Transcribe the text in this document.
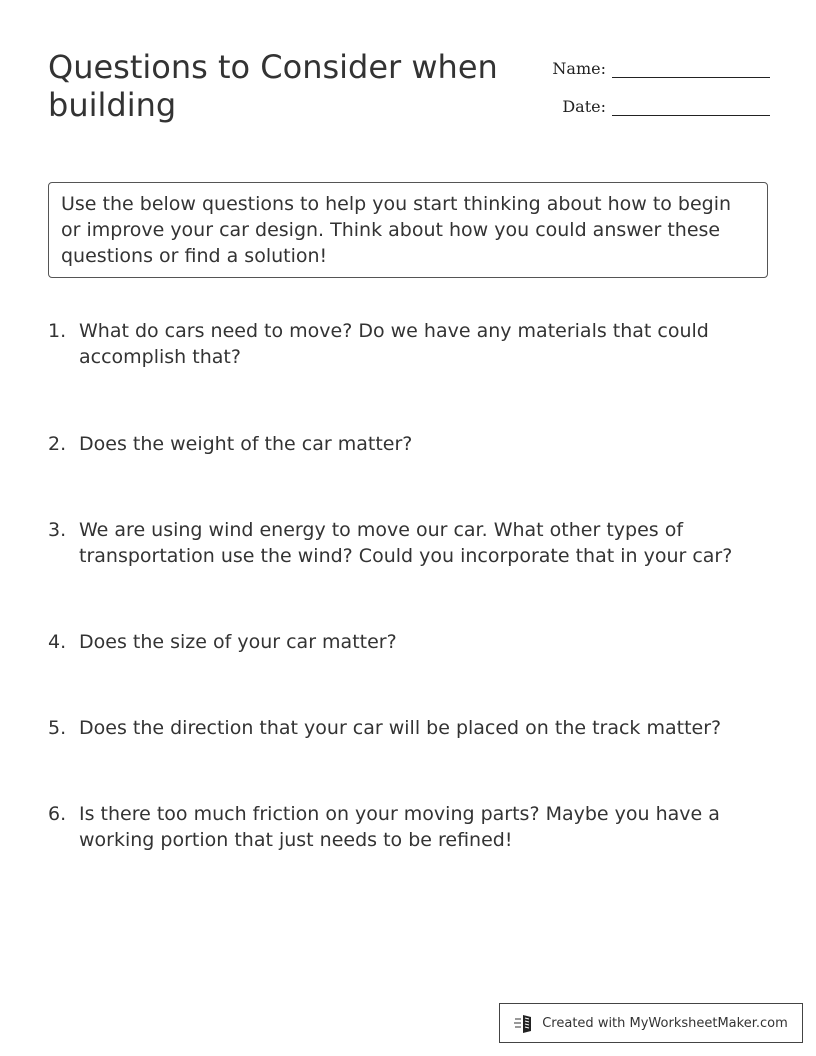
Questions to Consider when building
Name:
Date:
Use the below questions to help you start thinking about how to begin or improve your car design. Think about how you could answer these questions or find a solution!
1. What do cars need to move? Do we have any materials that could accomplish that?
2. Does the weight of the car matter?
3. We are using wind energy to move our car. What other types of transportation use the wind? Could you incorporate that in your car?
4. Does the size of your car matter?
5. Does the direction that your car will be placed on the track matter?
6. Is there too much friction on your moving parts? Maybe you have a working portion that just needs to be refined!
Created with MyWorksheetMaker.com
